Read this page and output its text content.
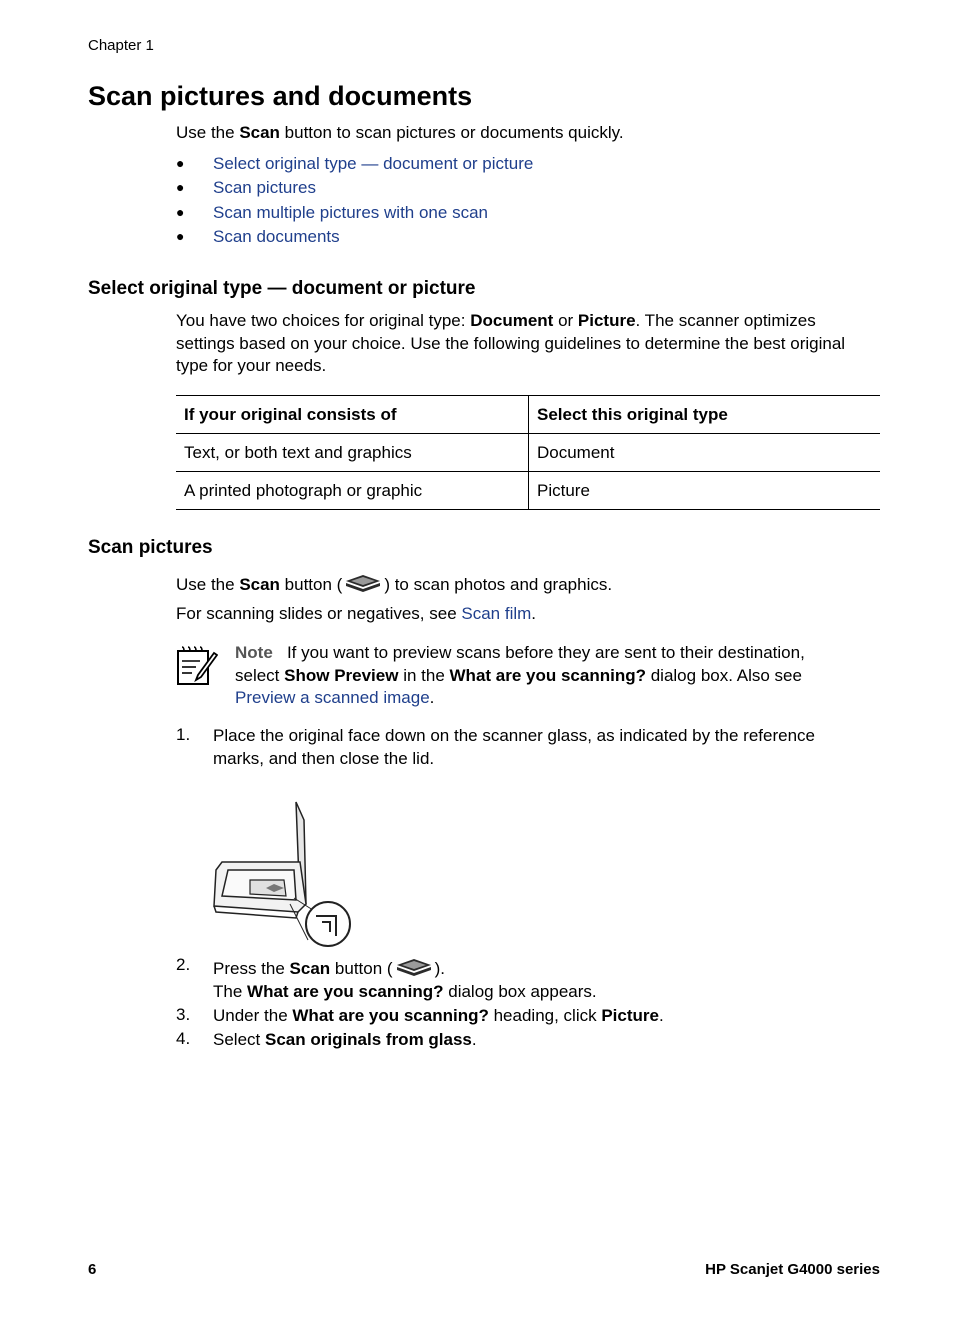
Chapter 1
Scan pictures and documents
Use the Scan button to scan pictures or documents quickly.
● Select original type — document or picture
● Scan pictures
● Scan multiple pictures with one scan
● Scan documents
Select original type — document or picture
You have two choices for original type: Document or Picture. The scanner optimizes
settings based on your choice. Use the following guidelines to determine the best original
type for your needs.
If your original consists of	Select this original type
Text, or both text and graphics	Document
A printed photograph or graphic	Picture
Scan pictures
Use the Scan button ( ) to scan photos and graphics.
For scanning slides or negatives, see Scan film.
Note If you want to preview scans before they are sent to their destination,
select Show Preview in the What are you scanning? dialog box. Also see
Preview a scanned image.
1. Place the original face down on the scanner glass, as indicated by the reference
marks, and then close the lid.
2. Press the Scan button ( ).
The What are you scanning? dialog box appears.
3. Under the What are you scanning? heading, click Picture.
4. Select Scan originals from glass.
6	HP Scanjet G4000 series
